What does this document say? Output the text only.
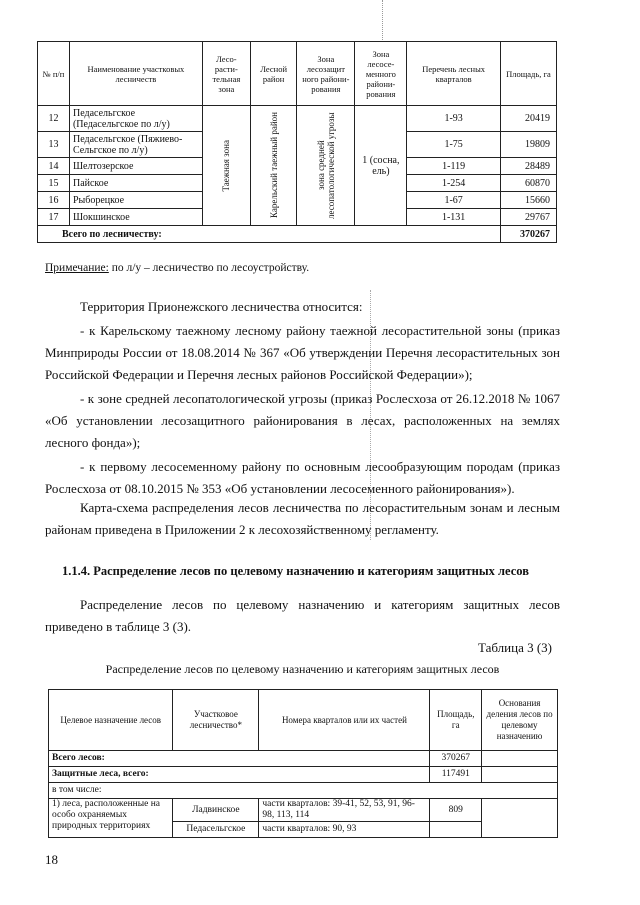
№ п/п	Наименование участковых лесничеств	Лесо-расти-тельная зона	Лесной район	Зона лесозащит ного райони-рования	Зона лесосе-менного райони-рования	Перечень лесных кварталов	Площадь, га
12	Педасельгское (Педасельгское по л/у)	Таежная зона	Карельский таежный район	зона средней лесопатологической угрозы	1 (сосна, ель)	1-93	20419
13	Педасельгское (Пяжиево-Сельгское по л/у)					1-75	19809
14	Шелтозерское					1-119	28489
15	Пайское					1-254	60870
16	Рыборецкое					1-67	15660
17	Шокшинское					1-131	29767
Всего по лесничеству:							370267
Примечание: по л/у – лесничество по лесоустройству.
Территория Прионежского лесничества относится:
- к Карельскому таежному лесному району таежной лесорастительной зоны (приказ Минприроды России от 18.08.2014 № 367 «Об утверждении Перечня лесорастительных зон Российской Федерации и Перечня лесных районов Российской Федерации»);
- к зоне средней лесопатологической угрозы (приказ Рослесхоза от 26.12.2018 № 1067 «Об установлении лесозащитного районирования в лесах, расположенных на землях лесного фонда»);
- к первому лесосеменному району по основным лесообразующим породам (приказ Рослесхоза от 08.10.2015 № 353 «Об установлении лесосеменного районирования»).
Карта-схема распределения лесов лесничества по лесорастительным зонам и лесным районам приведена в Приложении 2 к лесохозяйственному регламенту.
1.1.4. Распределение лесов по целевому назначению и категориям защитных лесов
Распределение лесов по целевому назначению и категориям защитных лесов приведено в таблице 3 (3).
Таблица 3 (3)
Распределение лесов по целевому назначению и категориям защитных лесов
Целевое назначение лесов	Участковое лесничество*	Номера кварталов или их частей	Площадь, га	Основания деления лесов по целевому назначению
Всего лесов:			370267	
Защитные леса, всего:			117491	
в том числе:				
1) леса, расположенные на особо охраняемых природных территориях	Ладвинское	части кварталов: 39-41, 52, 53, 91, 96-98, 113, 114	809	
	Педасельгское	части кварталов: 90, 93		
18
